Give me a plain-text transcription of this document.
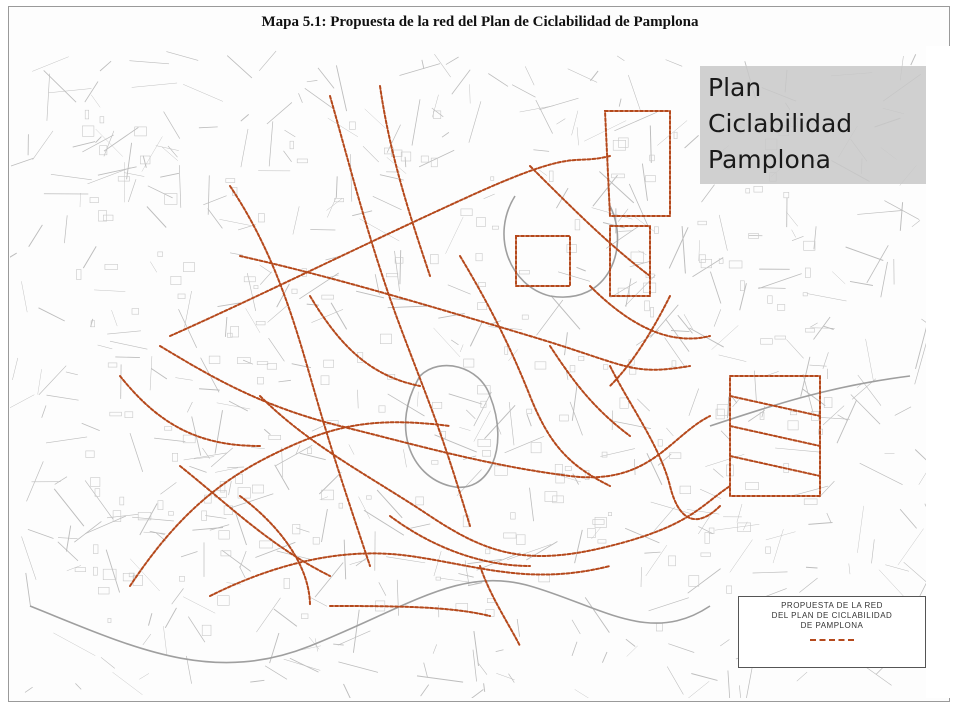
Mapa 5.1: Propuesta de la red del Plan de Ciclabilidad de Pamplona
Plan
Ciclabilidad
Pamplona
PROPUESTA DE LA RED
DEL PLAN DE CICLABILIDAD
DE PAMPLONA
